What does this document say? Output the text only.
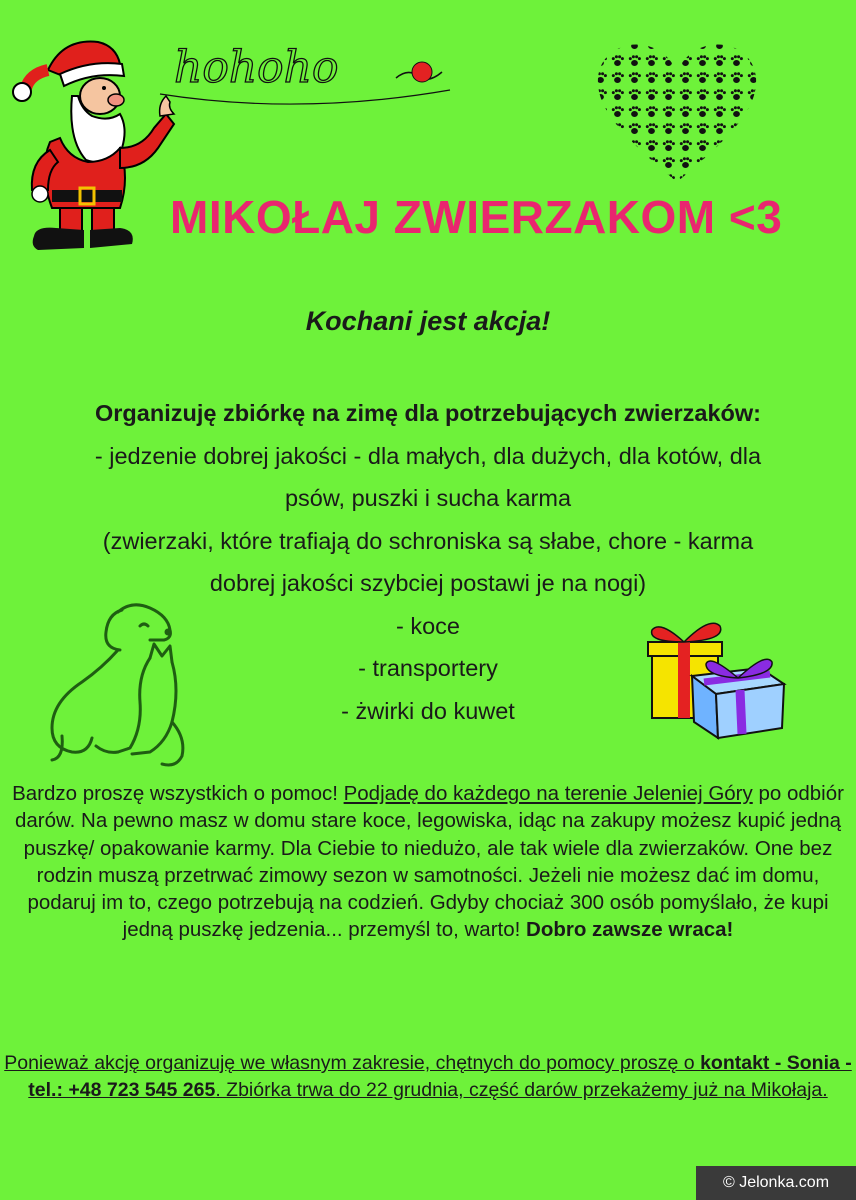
hohoho
MIKOŁAJ ZWIERZAKOM <3
Kochani jest akcja!
Organizuję zbiórkę na zimę dla potrzebujących zwierzaków:
- jedzenie dobrej jakości - dla małych, dla dużych, dla kotów, dla
psów, puszki i sucha karma
(zwierzaki, które trafiają do schroniska są słabe, chore - karma
dobrej jakości szybciej postawi je na nogi)
- koce
- transportery
- żwirki do kuwet
Bardzo proszę wszystkich o pomoc! Podjadę do każdego na terenie Jeleniej Góry po odbiór darów. Na pewno masz w domu stare koce, legowiska, idąc na zakupy możesz kupić jedną puszkę/ opakowanie karmy. Dla Ciebie to niedużo, ale tak wiele dla zwierzaków. One bez rodzin muszą przetrwać zimowy sezon w samotności. Jeżeli nie możesz dać im domu, podaruj im to, czego potrzebują na codzień. Gdyby chociaż 300 osób pomyślało, że kupi jedną puszkę jedzenia... przemyśl to, warto! Dobro zawsze wraca!
Ponieważ akcję organizuję we własnym zakresie, chętnych do pomocy proszę o kontakt - Sonia - tel.: +48 723 545 265. Zbiórka trwa do 22 grudnia, część darów przekażemy już na Mikołaja.
© Jelonka.com
